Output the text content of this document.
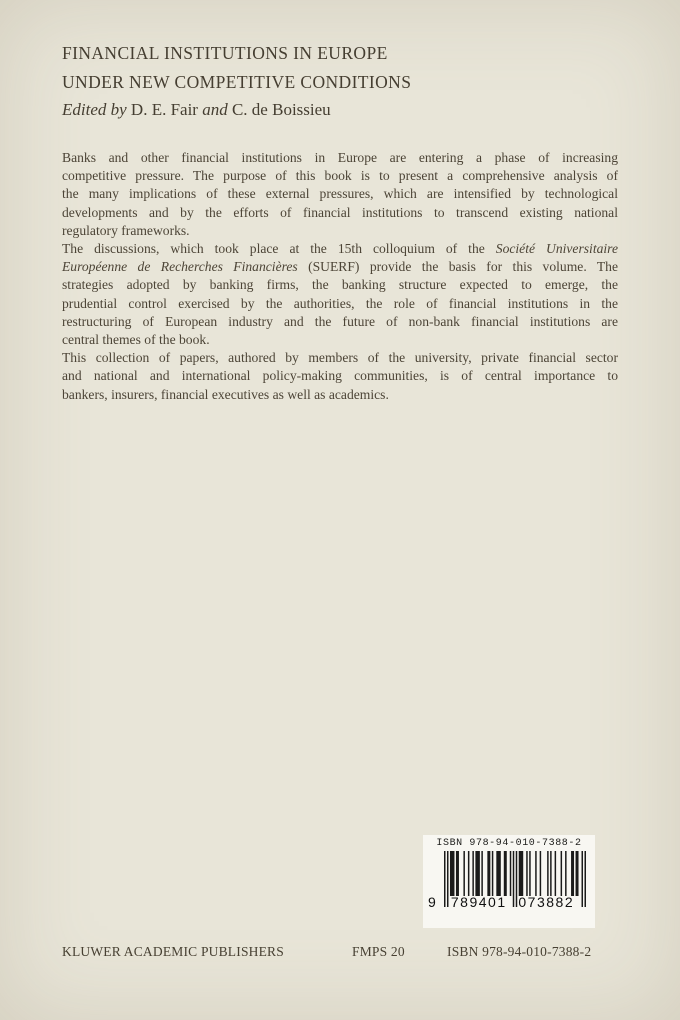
FINANCIAL INSTITUTIONS IN EUROPE
UNDER NEW COMPETITIVE CONDITIONS
Edited by D. E. Fair and C. de Boissieu
Banks and other financial institutions in Europe are entering a phase of increasing
competitive pressure. The purpose of this book is to present a comprehensive analysis of
the many implications of these external pressures, which are intensified by technological
developments and by the efforts of financial institutions to transcend existing national
regulatory frameworks.
The discussions, which took place at the 15th colloquium of the Société Universitaire
Européenne de Recherches Financières (SUERF) provide the basis for this volume. The
strategies adopted by banking firms, the banking structure expected to emerge, the
prudential control exercised by the authorities, the role of financial institutions in the
restructuring of European industry and the future of non-bank financial institutions are
central themes of the book.
This collection of papers, authored by members of the university, private financial sector
and national and international policy-making communities, is of central importance to
bankers, insurers, financial executives as well as academics.
ISBN 978-94-010-7388-2
9	789401 073882
KLUWER ACADEMIC PUBLISHERS	FMPS 20	ISBN 978-94-010-7388-2
